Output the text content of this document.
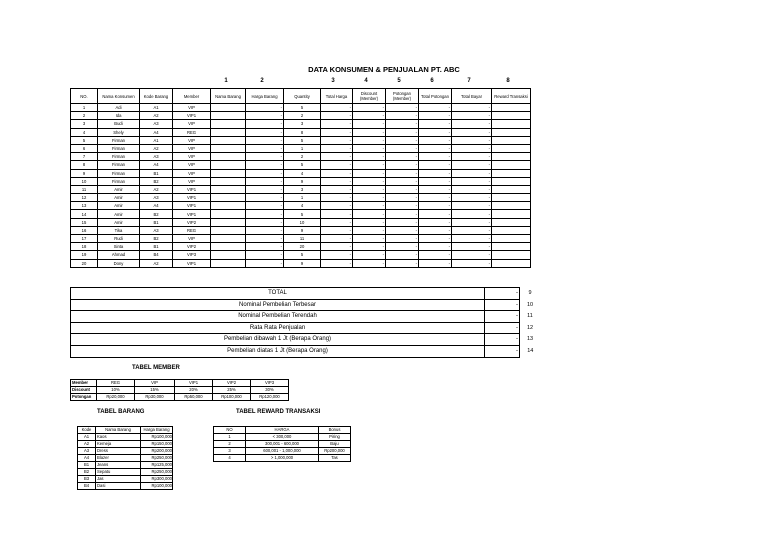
DATA KONSUMEN & PENJUALAN PT. ABC
1	2	3	4	5	6	7	8
NO.	Nama Konsumen	Kode Barang	Member	Nama Barang	Harga Barang	Quantity	Total Harga	Discount (Member)	Potongan (Member)	Total Potongan	Total Bayar	Reward Transaksi
1	Adi	A1	VIP		-	5	-	-	-	-	-	
2	Ida	A2	VIP1		-	2	-	-	-	-	-	
3	Budi	A3	VIP		-	3	-	-	-	-	-	
4	Shely	A4	REG		-	8	-	-	-	-	-	
5	Firman	A1	VIP		-	5	-	-	-	-	-	
6	Firman	A2	VIP		-	1	-	-	-	-	-	
7	Firman	A3	VIP		-	2	-	-	-	-	-	
8	Firman	A4	VIP		-	5	-	-	-	-	-	
9	Firman	B1	VIP		-	4	-	-	-	-	-	
10	Firman	B2	VIP		-	9	-	-	-	-	-	
11	Amir	A2	VIP1		-	3	-	-	-	-	-	
12	Amir	A3	VIP1		-	1	-	-	-	-	-	
13	Amir	A4	VIP1		-	4	-	-	-	-	-	
14	Amir	B2	VIP1		-	5	-	-	-	-	-	
15	Amir	B1	VIP2		-	10	-	-	-	-	-	
16	Tika	A3	REG		-	9	-	-	-	-	-	
17	Rudi	B2	VIP		-	11	-	-	-	-	-	
18	Sinta	B1	VIP2		-	20	-	-	-	-	-	
19	Ahmad	B4	VIP3		-	5	-	-	-	-	-	
20	Dony	A2	VIP1		-	9	-	-	-	-	-	
TOTAL	-	9
Nominal Pembelian Terbesar	-	10
Nominal Pembelian Terendah	-	11
Rata Rata Penjualan	-	12
Pembelian dibawah 1 Jt (Berapa Orang)	-	13
Pembelian diatas 1 Jt (Berapa Orang)	-	14
TABEL MEMBER
Member	REG	VIP	VIP1	VIP2	VIP3
Discount	10%	15%	20%	25%	30%
Potongan	Rp20,000	Rp30,000	Rp50,000	Rp100,000	Rp120,000
TABEL BARANG
Kode	Nama Barang	Harga Barang
A1	Kaos	Rp100,000
A2	Kemeja	Rp150,000
A3	Dress	Rp200,000
A4	Blazer	Rp250,000
B1	Jeans	Rp125,000
B2	Sepatu	Rp250,000
B3	Jas	Rp300,000
B4	Dasi	Rp100,000
TABEL REWARD TRANSAKSI
NO	HARGA	Bonus
1	< 300,000	Piring
2	300,001 - 600,000	Baju
3	600,001 - 1,000,000	Rp200,000
4	> 1,000,000	Tas
